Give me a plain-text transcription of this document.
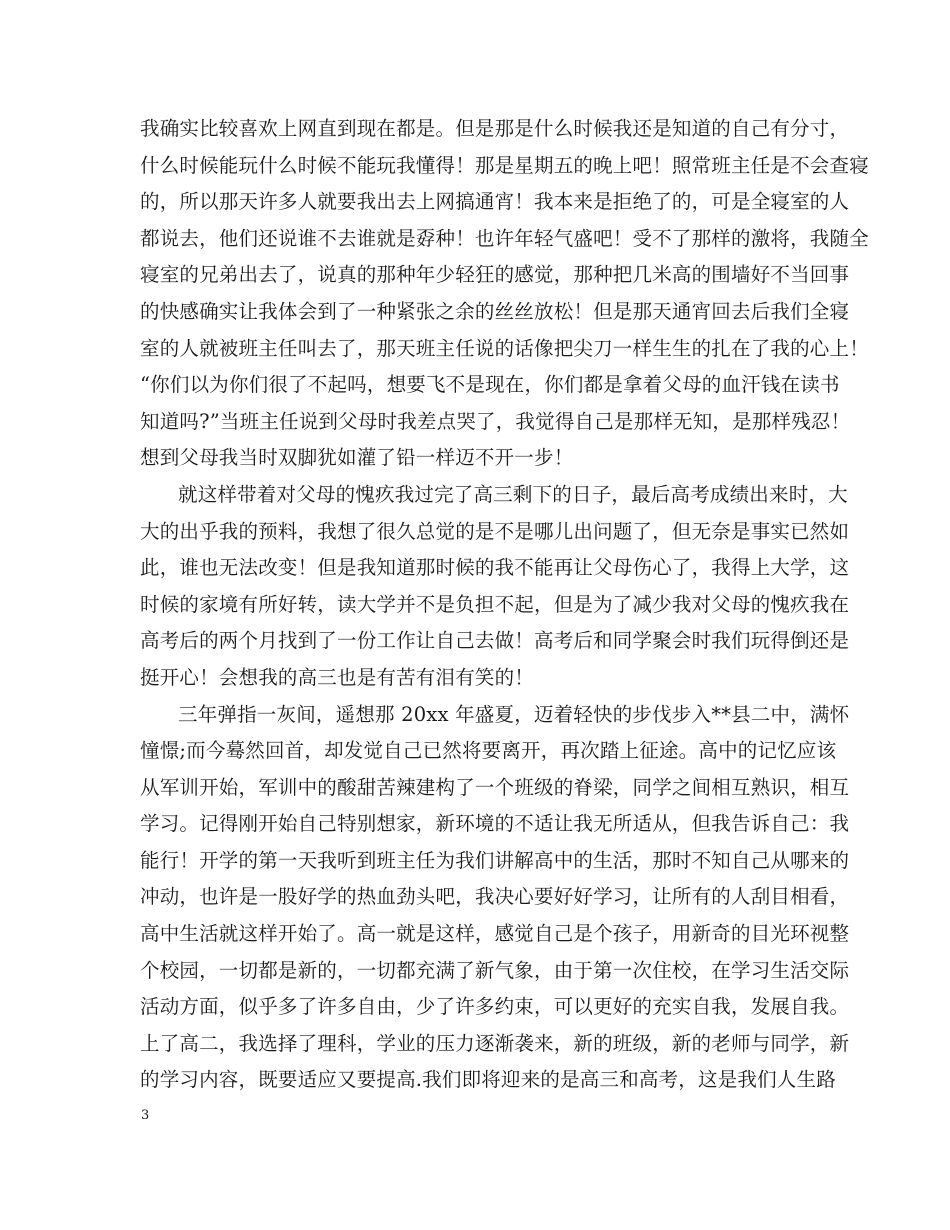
我确实比较喜欢上网直到现在都是。但是那是什么时候我还是知道的自己有分寸，
什么时候能玩什么时候不能玩我懂得！那是星期五的晚上吧！照常班主任是不会查寝
的，所以那天许多人就要我出去上网搞通宵！我本来是拒绝了的，可是全寝室的人
都说去，他们还说谁不去谁就是孬种！也许年轻气盛吧！受不了那样的激将，我随全
寝室的兄弟出去了，说真的那种年少轻狂的感觉，那种把几米高的围墙好不当回事
的快感确实让我体会到了一种紧张之余的丝丝放松！但是那天通宵回去后我们全寝
室的人就被班主任叫去了，那天班主任说的话像把尖刀一样生生的扎在了我的心上！
“你们以为你们很了不起吗，想要飞不是现在，你们都是拿着父母的血汗钱在读书
知道吗?”当班主任说到父母时我差点哭了，我觉得自己是那样无知，是那样残忍！
想到父母我当时双脚犹如灌了铅一样迈不开一步！
就这样带着对父母的愧疚我过完了高三剩下的日子，最后高考成绩出来时，大
大的出乎我的预料，我想了很久总觉的是不是哪儿出问题了，但无奈是事实已然如
此，谁也无法改变！但是我知道那时候的我不能再让父母伤心了，我得上大学，这
时候的家境有所好转，读大学并不是负担不起，但是为了减少我对父母的愧疚我在
高考后的两个月找到了一份工作让自己去做！高考后和同学聚会时我们玩得倒还是
挺开心！会想我的高三也是有苦有泪有笑的！
三年弹指一灰间，遥想那 20xx 年盛夏，迈着轻快的步伐步入**县二中，满怀
憧憬;而今蓦然回首，却发觉自己已然将要离开，再次踏上征途。高中的记忆应该
从军训开始，军训中的酸甜苦辣建构了一个班级的脊梁，同学之间相互熟识，相互
学习。记得刚开始自己特别想家，新环境的不适让我无所适从，但我告诉自己：我
能行！开学的第一天我听到班主任为我们讲解高中的生活，那时不知自己从哪来的
冲动，也许是一股好学的热血劲头吧，我决心要好好学习，让所有的人刮目相看，
高中生活就这样开始了。高一就是这样，感觉自己是个孩子，用新奇的目光环视整
个校园，一切都是新的，一切都充满了新气象，由于第一次住校，在学习生活交际
活动方面，似乎多了许多自由，少了许多约束，可以更好的充实自我，发展自我。
上了高二，我选择了理科，学业的压力逐渐袭来，新的班级，新的老师与同学，新
的学习内容，既要适应又要提高.我们即将迎来的是高三和高考，这是我们人生路
3
